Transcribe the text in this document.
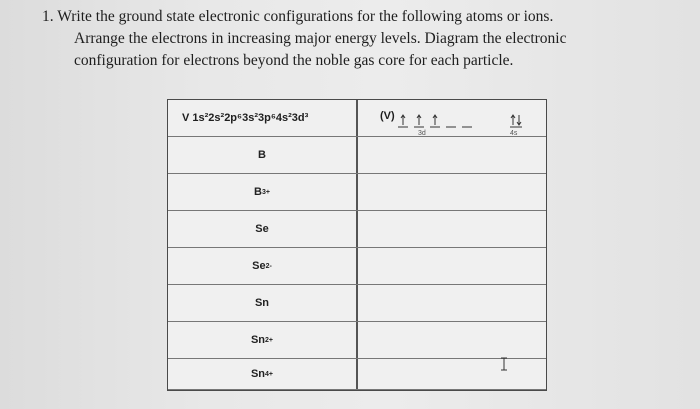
1. Write the ground state electronic configurations for the following atoms or ions.
Arrange the electrons in increasing major energy levels. Diagram the electronic
configuration for electrons beyond the noble gas core for each particle.
V 1s²2s²2p⁶3s²3p⁶4s²3d³	(V)
3d	4s
B
B 3+
Se
Se 2-
Sn
Sn 2+
Sn 4+
